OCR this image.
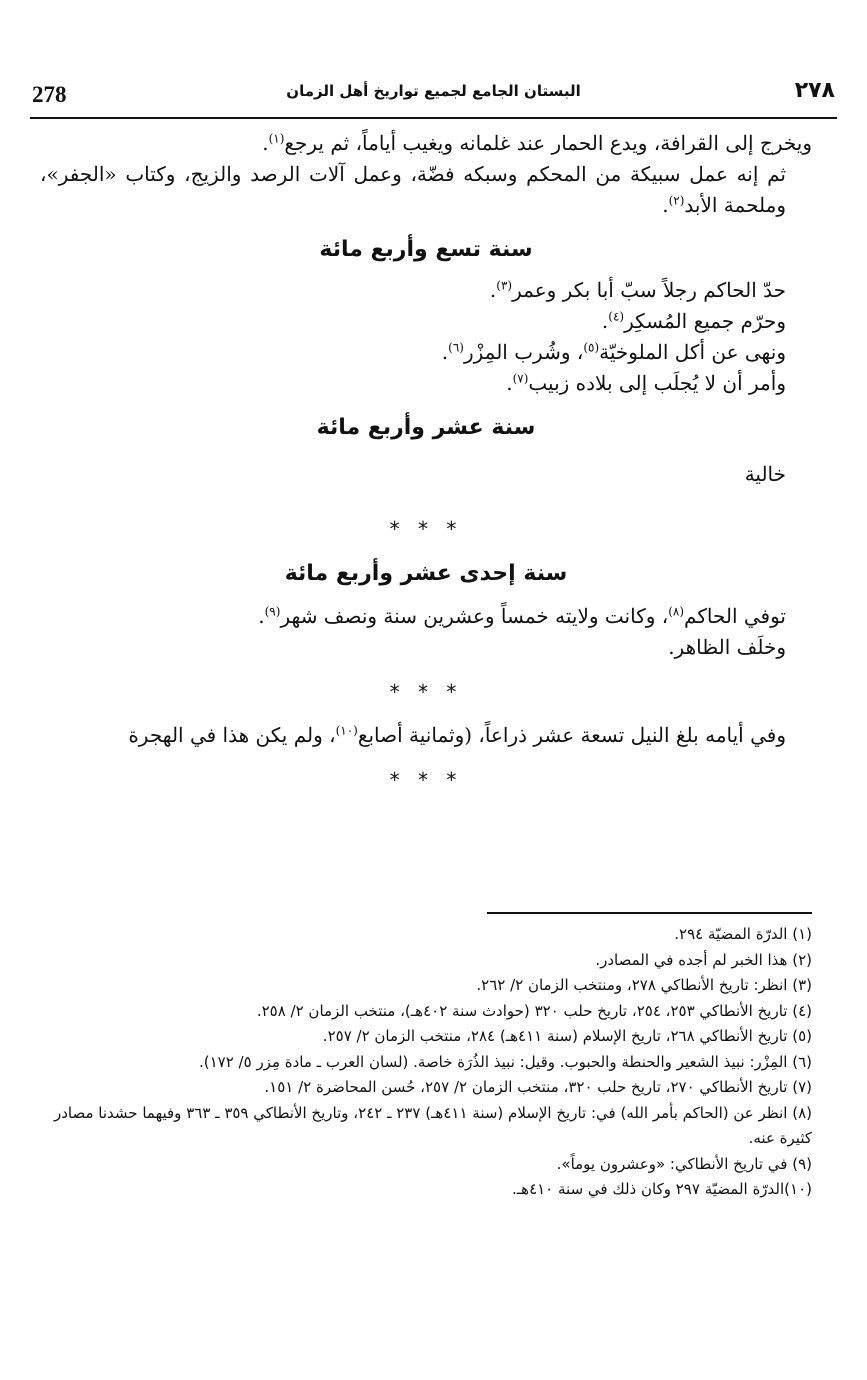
278	البستان الجامع لجميع تواريخ أهل الزمان	٢٧٨

ويخرج إلى القرافة، ويدع الحمار عند غلمانه ويغيب أياماً، ثم يرجع$^{(١)}$.

ثم إنه عمل سبيكة من المحكم وسبكه فضّة، وعمل آلات الرصد والزيج، وكتاب «الجفر»، وملحمة الأبد$^{(٢)}$.

سنة تسع وأربع مائة

حدّ الحاكم رجلاً سبّ أبا بكر وعمر$^{(٣)}$.

وحرّم جميع المُسكِر$^{(٤)}$.

ونهى عن أكل الملوخيّة$^{(٥)}$، وشُرب المِزْر$^{(٦)}$.

وأمر أن لا يُجلَب إلى بلاده زبيب$^{(٧)}$.

سنة عشر وأربع مائة

خالية

* * *
سنة إحدى عشر وأربع مائة

توفي الحاكم$^{(٨)}$، وكانت ولايته خمساً وعشرين سنة ونصف شهر$^{(٩)}$.

وخلَف الظاهر.

* * *

وفي أيامه بلغ النيل تسعة عشر ذراعاً، (وثمانية أصابع$^{(١٠)}$، ولم يكن هذا في الهجرة

* * *

(١) الدرّة المضيّة ٢٩٤.

(٢) هذا الخبر لم أجده في المصادر.

(٣) انظر: تاريخ الأنطاكي ٢٧٨، ومنتخب الزمان ٢/ ٢٦٢.

(٤) تاريخ الأنطاكي ٢٥٣، ٢٥٤، تاريخ حلب ٣٢٠ (حوادث سنة ٤٠٢هـ)، منتخب الزمان ٢/ ٢٥٨.

(٥) تاريخ الأنطاكي ٢٦٨، تاريخ الإسلام (سنة ٤١١هـ) ٢٨٤، منتخب الزمان ٢/ ٢٥٧.

(٦) المِزْر: نبيذ الشعير والحنطة والحبوب. وقيل: نبيذ الذُرَة خاصة. (لسان العرب ـ مادة مِزر ٥/ ١٧٢).

(٧) تاريخ الأنطاكي ٢٧٠، تاريخ حلب ٣٢٠، منتخب الزمان ٢/ ٢٥٧، حُسن المحاضرة ٢/ ١٥١.

(٨) انظر عن (الحاكم بأمر الله) في: تاريخ الإسلام (سنة ٤١١هـ) ٢٣٧ ـ ٢٤٢، وتاريخ الأنطاكي ٣٥٩ ـ ٣٦٣ وفيهما حشدنا مصادر كثيرة عنه.

(٩) في تاريخ الأنطاكي: «وعشرون يوماً».

(١٠)الدرّة المضيّة ٢٩٧ وكان ذلك في سنة ٤١٠هـ.
